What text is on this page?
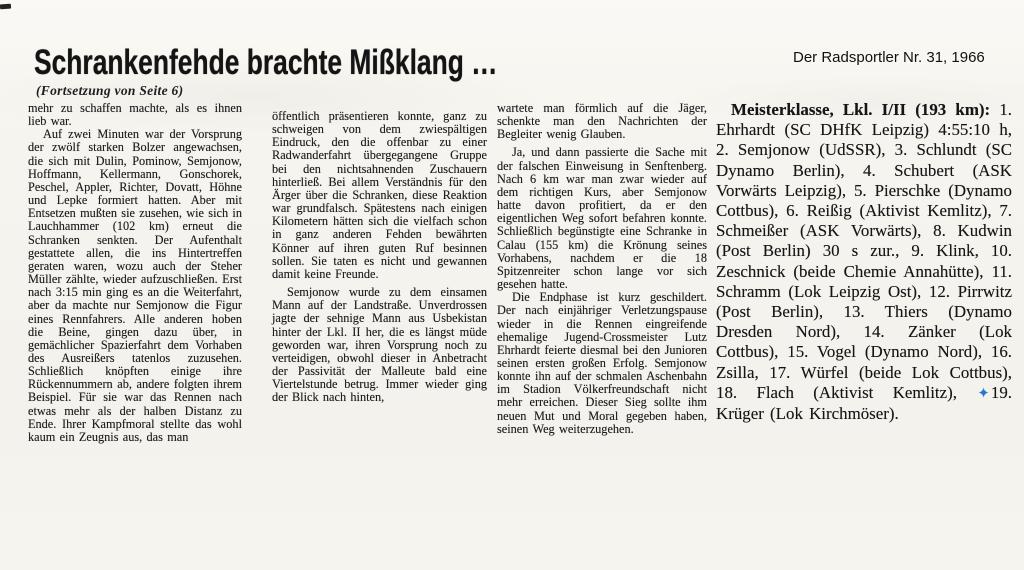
Schrankenfehde brachte Mißklang …	Der Radsportler Nr. 31, 1966
(Fortsetzung von Seite 6)

mehr zu schaffen machte, als es ihnen lieb war.

Auf zwei Minuten war der Vorsprung der zwölf starken Bolzer angewachsen, die sich mit Dulin, Pominow, Semjonow, Hoffmann, Kellermann, Gonschorek, Peschel, Appler, Richter, Dovatt, Höhne und Lepke formiert hatten. Aber mit Entsetzen mußten sie zusehen, wie sich in Lauchhammer (102 km) erneut die Schranken senkten. Der Aufenthalt gestattete allen, die ins Hintertreffen geraten waren, wozu auch der Steher Müller zählte, wieder aufzuschließen. Erst nach 3:15 min ging es an die Weiterfahrt, aber da machte nur Semjonow die Figur eines Rennfahrers. Alle anderen hoben die Beine, gingen dazu über, in gemächlicher Spazierfahrt dem Vorhaben des Ausreißers tatenlos zuzusehen. Schließlich knöpften einige ihre Rückennummern ab, andere folgten ihrem Beispiel. Für sie war das Rennen nach etwas mehr als der halben Distanz zu Ende. Ihrer Kampfmoral stellte das wohl kaum ein Zeugnis aus, das man

öffentlich präsentieren konnte, ganz zu schweigen von dem zwiespältigen Eindruck, den die offenbar zu einer Radwanderfahrt übergegangene Gruppe bei den nichtsahnenden Zuschauern hinterließ. Bei allem Verständnis für den Ärger über die Schranken, diese Reaktion war grundfalsch. Spätestens nach einigen Kilometern hätten sich die vielfach schon in ganz anderen Fehden bewährten Könner auf ihren guten Ruf besinnen sollen. Sie taten es nicht und gewannen damit keine Freunde.

Semjonow wurde zu dem einsamen Mann auf der Landstraße. Unverdrossen jagte der sehnige Mann aus Usbekistan hinter der Lkl. II her, die es längst müde geworden war, ihren Vorsprung noch zu verteidigen, obwohl dieser in Anbetracht der Passivität der Malleute bald eine Viertelstunde betrug. Immer wieder ging der Blick nach hinten,

wartete man förmlich auf die Jäger, schenkte man den Nachrichten der Begleiter wenig Glauben.

Ja, und dann passierte die Sache mit der falschen Einweisung in Senftenberg. Nach 6 km war man zwar wieder auf dem richtigen Kurs, aber Semjonow hatte davon profitiert, da er den eigentlichen Weg sofort befahren konnte. Schließlich begünstigte eine Schranke in Calau (155 km) die Krönung seines Vorhabens, nachdem er die 18 Spitzenreiter schon lange vor sich gesehen hatte.

Die Endphase ist kurz geschildert. Der nach einjähriger Verletzungspause wieder in die Rennen eingreifende ehemalige Jugend-Crossmeister Lutz Ehrhardt feierte diesmal bei den Junioren seinen ersten großen Erfolg. Semjonow konnte ihn auf der schmalen Aschenbahn im Stadion Völkerfreundschaft nicht mehr erreichen. Dieser Sieg sollte ihm neuen Mut und Moral gegeben haben, seinen Weg weiterzugehen.

Meisterklasse, Lkl. I/II (193 km): 1. Ehrhardt (SC DHfK Leipzig) 4:55:10 h, 2. Semjonow (UdSSR), 3. Schlundt (SC Dynamo Berlin), 4. Schubert (ASK Vorwärts Leipzig), 5. Pierschke (Dynamo Cottbus), 6. Reißig (Aktivist Kemlitz), 7. Schmeißer (ASK Vorwärts), 8. Kudwin (Post Berlin) 30 s zur., 9. Klink, 10. Zeschnick (beide Chemie Annahütte), 11. Schramm (Lok Leipzig Ost), 12. Pirrwitz (Post Berlin), 13. Thiers (Dynamo Dresden Nord), 14. Zänker (Lok Cottbus), 15. Vogel (Dynamo Nord), 16. Zsilla, 17. Würfel (beide Lok Cottbus), 18. Flach (Aktivist Kemlitz), ✦19. Krüger (Lok Kirchmöser).
